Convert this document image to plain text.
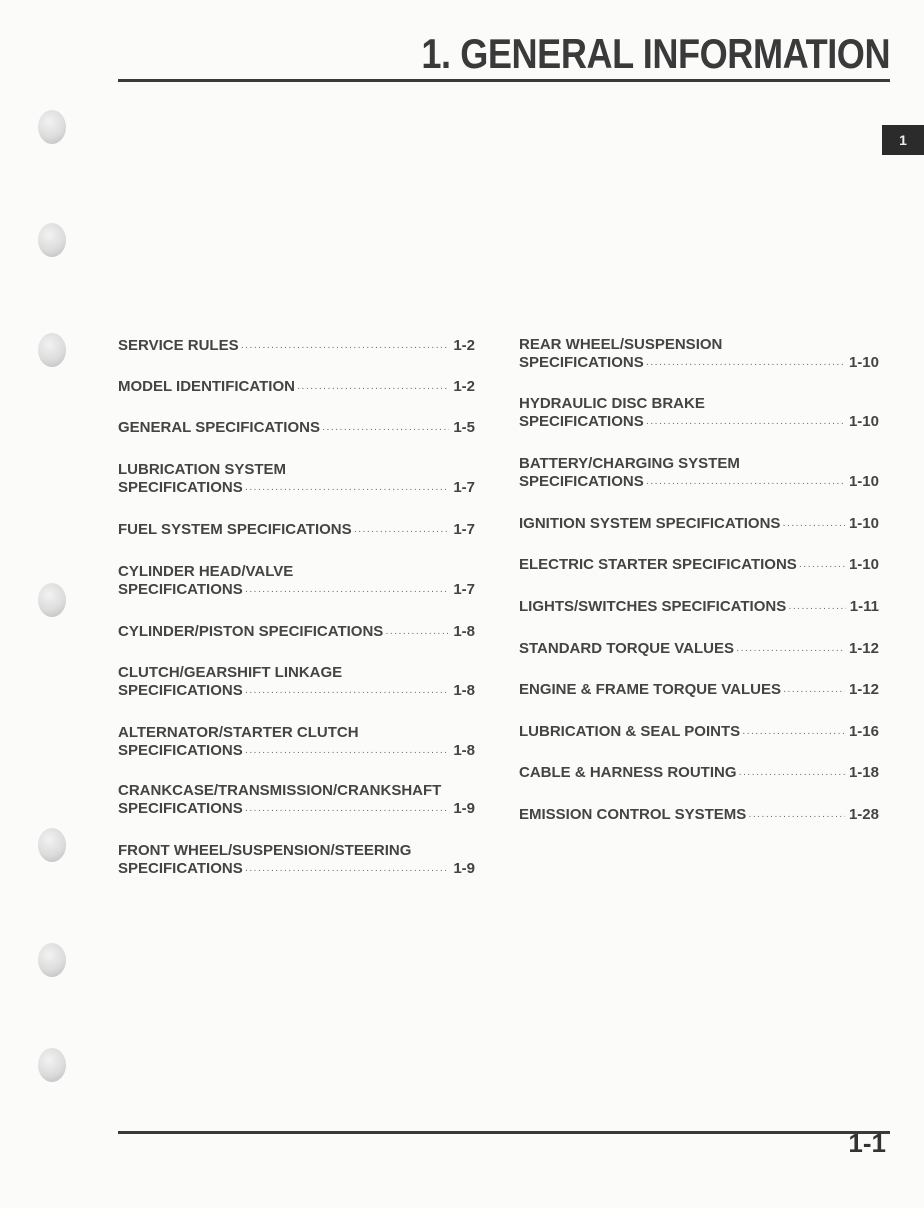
1. GENERAL INFORMATION
1
SERVICE RULES ·····	1-2
MODEL IDENTIFICATION ·····	1-2
GENERAL SPECIFICATIONS ·····	1-5
LUBRICATION SYSTEM
SPECIFICATIONS ·····	1-7
FUEL SYSTEM SPECIFICATIONS ·····	1-7
CYLINDER HEAD/VALVE
SPECIFICATIONS ·····	1-7
CYLINDER/PISTON SPECIFICATIONS ·····	1-8
CLUTCH/GEARSHIFT LINKAGE
SPECIFICATIONS ·····	1-8
ALTERNATOR/STARTER CLUTCH
SPECIFICATIONS ·····	1-8
CRANKCASE/TRANSMISSION/CRANKSHAFT
SPECIFICATIONS ·····	1-9
FRONT WHEEL/SUSPENSION/STEERING
SPECIFICATIONS ·····	1-9
REAR WHEEL/SUSPENSION
SPECIFICATIONS ·····	1-10
HYDRAULIC DISC BRAKE
SPECIFICATIONS ·····	1-10
BATTERY/CHARGING SYSTEM
SPECIFICATIONS ·····	1-10
IGNITION SYSTEM SPECIFICATIONS ·····	1-10
ELECTRIC STARTER SPECIFICATIONS ·····	1-10
LIGHTS/SWITCHES SPECIFICATIONS ·····	1-11
STANDARD TORQUE VALUES ·····	1-12
ENGINE & FRAME TORQUE VALUES ·····	1-12
LUBRICATION & SEAL POINTS ·····	1-16
CABLE & HARNESS ROUTING ·····	1-18
EMISSION CONTROL SYSTEMS ·····	1-28
1-1
